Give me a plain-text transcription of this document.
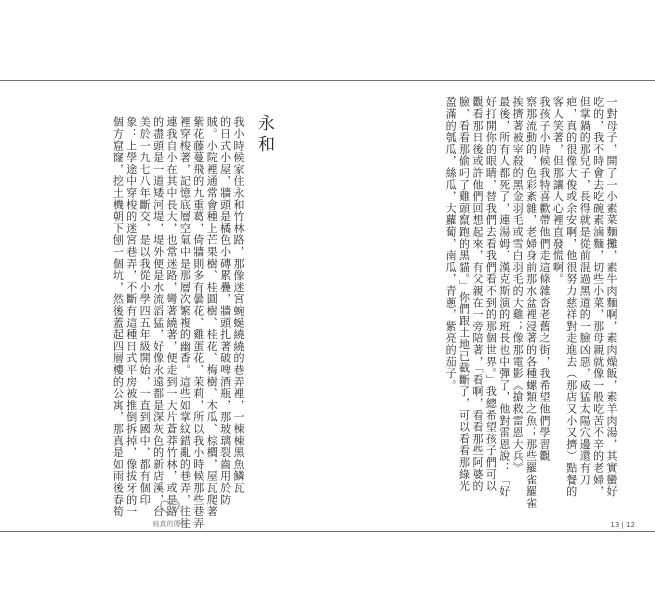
一對母子，開了一小素菜麵攤，素牛肉麵啊，素肉燥飯，素羊肉湯，其實蠻好
吃的，我不時會去吃碗素滷麵，切些小菜，那母親就像一般吃苦不辛的老婦，
但掌鍋的那兒子，長得就是從前混過黑道的一臉凶惡，威猛太陽穴邊還有刀
疤，真的很像大俊或余安啊，他很努力慈祥對走進去（那店又小又擠）點餐的
客人笑著，但那讓人心裡直發慌啊。
我孩子小時候我特喜歡帶他們走這條雜沓老舊之街，我希望他們學習觀
察那流動的，色彩紊雜，老婦身前那水盆裡浸著的各種螺類之魚；那些羅雀羅雀
挨擠著被宰殺的黑金羽毛或雪白羽毛的大雞；像那電影《搶救雷恩大兵》
最後，所有人都死了，連湯姆．漢克斯演的班長也中彈了，他對雷恩說：「好
好打開你的眼睛，替我們去看我們看不到的那個世界。」我總希望孩子們可以
觀看那日後或許他們回想起來，有父親在一旁陪著，「看啊，看看那些阿婆的
臉，看看那偷叼了雞頭竄跑的黑貓。」你們跟土地已截斷了，可以看看那綠光
盈滿的瓠瓜，絲瓜，大蘿蔔，南瓜，青蔥，紫亮的茄子。
永和
我小時候家住永和竹林路，那像迷宮蜿蜒繞繞的巷弄裡，一棟棟黑魚鱗瓦
的日式小屋，牆頭是橘色小磚累疊，牆頭扎著破啤酒瓶，那玻璃裂齒用於防
賊。小院裡通常會種上芒果樹、桂圓樹、桂花、梅樹、木瓜、棕櫚，屋瓦爬著
紫花藤蔓飛的九重葛，倚牆則多有曇花、雞蛋花、茉莉，所以我小時候那些巷弄
裡穿梭著，記憶底層空氣中是那層次繁複的幽香。這些如掌紋錯亂的巷弄，往往
連我自小在其中長大，也常迷路，彎著繞著，便走到一大片蒼莽竹林，或是路
的盡頭是一道矮河堤，堤外便是水流滔猛，好像永遠都是深灰色的新店溪，台
美於一九七八年斷交，是以我從小學四五年級開始，一直到國中，都有個印
象：上學途中穿梭的迷宮巷弄，不斷有這種日式平房被推倒拆掉，像拔牙的一
個方窟窿，挖土機朝下刨一個坑，然後蓋起四層樓的公寓，那真是如雨後春筍
純真的傳奇	13 | 12
